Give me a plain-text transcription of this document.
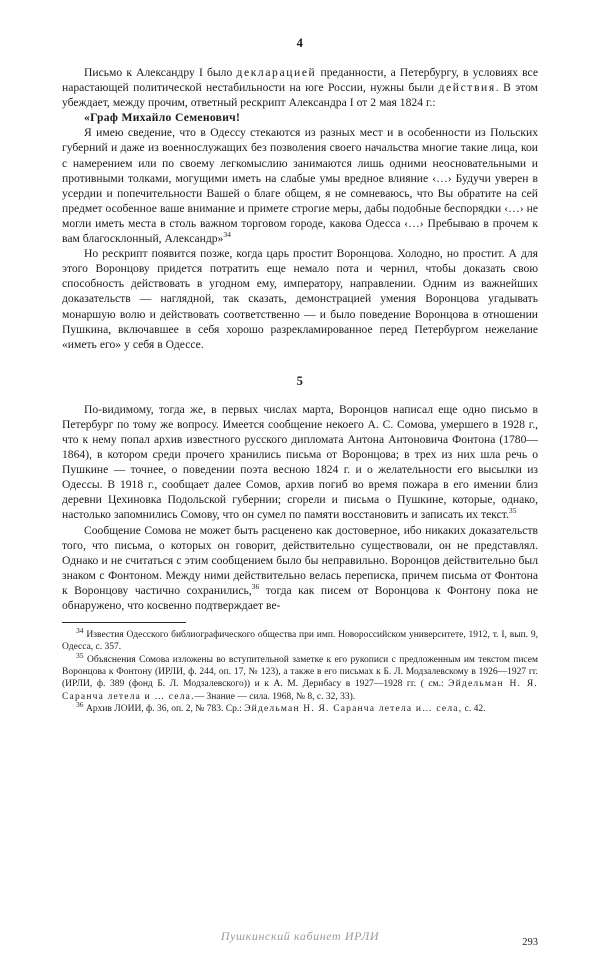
4

Письмо к Александру I было декларацией преданности, а Петербургу, в условиях все нарастающей политической нестабильности на юге России, нужны были действия. В этом убеждает, между прочим, ответный рескрипт Александра I от 2 мая 1824 г.:

«Граф Михайло Семенович!

Я имею сведение, что в Одессу стекаются из разных мест и в особенности из Польских губерний и даже из военнослужащих без позволения своего начальства многие такие лица, кои с намерением или по своему легкомыслию занимаются лишь одними неосновательными и противными толками, могущими иметь на слабые умы вредное влияние ‹…› Будучи уверен в усердии и попечительности Вашей о благе общем, я не сомневаюсь, что Вы обратите на сей предмет особенное ваше внимание и примете строгие меры, дабы подобные беспорядки ‹…› не могли иметь места в столь важном торговом городе, какова Одесса ‹…› Пребываю в прочем к вам благосклонный, Александр»$^{34}$

Но рескрипт появится позже, когда царь простит Воронцова. Холодно, но простит. А для этого Воронцову придется потратить еще немало пота и чернил, чтобы доказать свою способность действовать в угодном ему, императору, направлении. Одним из важнейших доказательств — наглядной, так сказать, демонстрацией умения Воронцова угадывать монаршую волю и действовать соответственно — и было поведение Воронцова в отношении Пушкина, включавшее в себя хорошо разрекламированное перед Петербургом нежелание «иметь его» у себя в Одессе.

5

По-видимому, тогда же, в первых числах марта, Воронцов написал еще одно письмо в Петербург по тому же вопросу. Имеется сообщение некоего А. С. Сомова, умершего в 1928 г., что к нему попал архив известного русского дипломата Антона Антоновича Фонтона (1780—1864), в котором среди прочего хранились письма от Воронцова; в трех из них шла речь о Пушкине — точнее, о поведении поэта весною 1824 г. и о желательности его высылки из Одессы. В 1918 г., сообщает далее Сомов, архив погиб во время пожара в его имении близ деревни Цехиновка Подольской губернии; сгорели и письма о Пушкине, которые, однако, настолько запомнились Сомову, что он сумел по памяти восстановить и записать их текст.$^{35}$

Сообщение Сомова не может быть расценено как достоверное, ибо никаких доказательств того, что письма, о которых он говорит, действительно существовали, он не представлял. Однако и не считаться с этим сообщением было бы неправильно. Воронцов действительно был знаком с Фонтоном. Между ними действительно велась переписка, причем письма от Фонтона к Воронцову частично сохранились,$^{36}$ тогда как писем от Воронцова к Фонтону пока не обнаружено, что косвенно подтверждает ве-

$^{34}$ Известия Одесского библиографического общества при имп. Новороссийском университете, 1912, т. I, вып. 9, Одесса, с. 357.

$^{35}$ Объяснения Сомова изложены во вступительной заметке к его рукописи с предложенным им текстом писем Воронцова к Фонтону (ИРЛИ, ф. 244, оп. 17, № 123), а также в его письмах к Б. Л. Модзалевскому в 1926—1927 гг. (ИРЛИ, ф. 389 (фонд Б. Л. Модзалевского)) и к А. М. Дерибасу в 1927—1928 гг. ( см.: Эйдельман Н. Я. Саранча летела и … села.— Знание — сила. 1968, № 8, с. 32, 33).

$^{36}$ Архив ЛОИИ, ф. 36, оп. 2, № 783. Ср.: Эйдельман Н. Я. Саранча летела и… села, с. 42.

Пушкинский кабинет ИРЛИ	293
